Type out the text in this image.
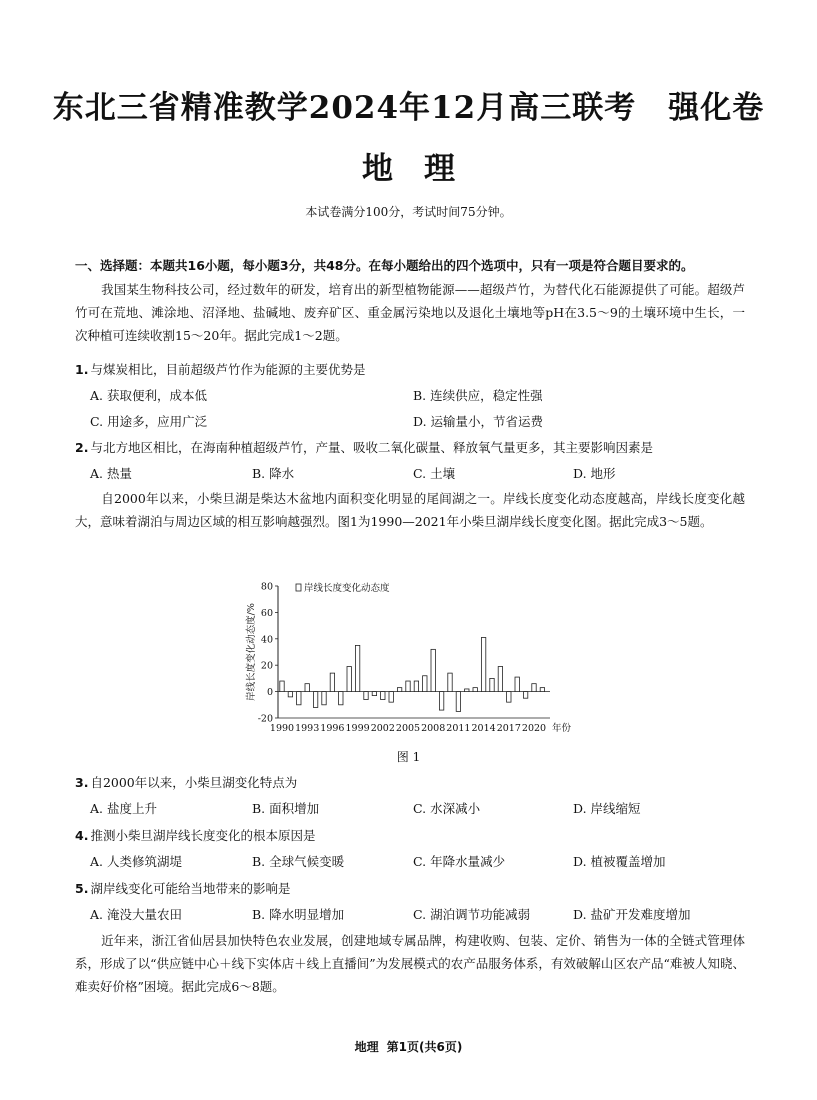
东北三省精准教学2024年12月高三联考　强化卷
地　理
本试卷满分100分，考试时间75分钟。
一、选择题：本题共16小题，每小题3分，共48分。在每小题给出的四个选项中，只有一项是符合题目要求的。
我国某生物科技公司，经过数年的研发，培育出的新型植物能源——超级芦竹，为替代化石能源提供了可能。超级芦竹可在荒地、滩涂地、沼泽地、盐碱地、废弃矿区、重金属污染地以及退化土壤地等pH在3.5～9的土壤环境中生长，一次种植可连续收割15～20年。据此完成1～2题。
1. 与煤炭相比，目前超级芦竹作为能源的主要优势是
A. 获取便利，成本低	B. 连续供应，稳定性强
C. 用途多，应用广泛	D. 运输量小，节省运费
2. 与北方地区相比，在海南种植超级芦竹，产量、吸收二氧化碳量、释放氧气量更多，其主要影响因素是
A. 热量	B. 降水	C. 土壤	D. 地形
自2000年以来，小柴旦湖是柴达木盆地内面积变化明显的尾闾湖之一。岸线长度变化动态度越高，岸线长度变化越大，意味着湖泊与周边区域的相互影响越强烈。图1为1990—2021年小柴旦湖岸线长度变化图。据此完成3～5题。
-20
0
20
40
60
80
1990 1993 1996 1999 2002 2005 2008 2011 2014 2017 2020 年份
岸线长度变化动态度/%
岸线长度变化动态度
图 1
3. 自2000年以来，小柴旦湖变化特点为
A. 盐度上升	B. 面积增加	C. 水深减小	D. 岸线缩短
4. 推测小柴旦湖岸线长度变化的根本原因是
A. 人类修筑湖堤	B. 全球气候变暖	C. 年降水量减少	D. 植被覆盖增加
5. 湖岸线变化可能给当地带来的影响是
A. 淹没大量农田	B. 降水明显增加	C. 湖泊调节功能减弱	D. 盐矿开发难度增加
近年来，浙江省仙居县加快特色农业发展，创建地域专属品牌，构建收购、包装、定价、销售为一体的全链式管理体系，形成了以“供应链中心＋线下实体店＋线上直播间”为发展模式的农产品服务体系，有效破解山区农产品“难被人知晓、难卖好价格”困境。据此完成6～8题。
地理 第1页(共6页)
